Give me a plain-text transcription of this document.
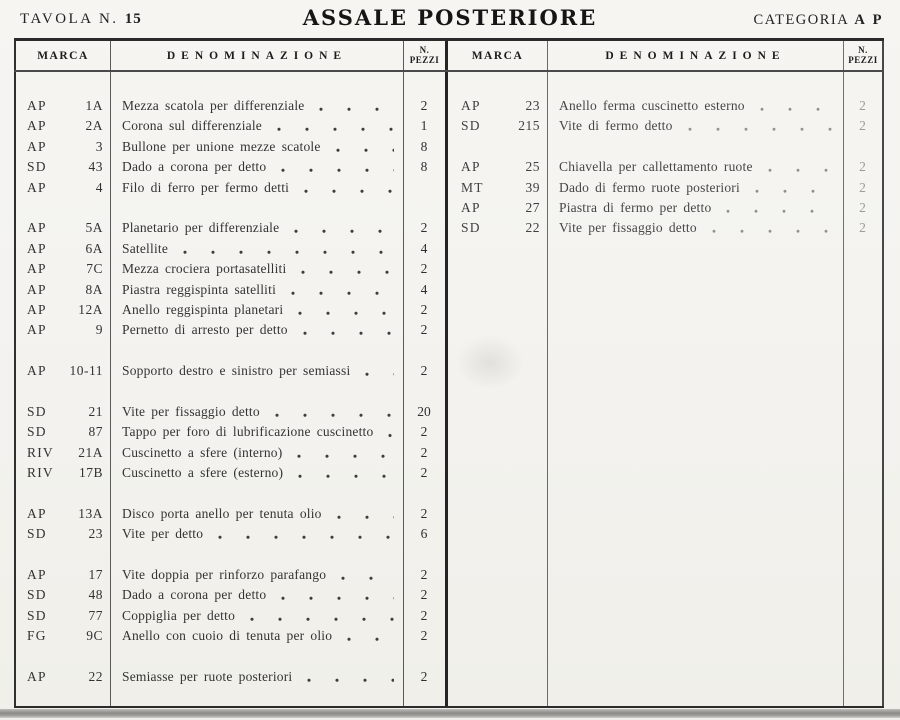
TAVOLA N. 15	ASSALE POSTERIORE	CATEGORIA A P
MARCA	DENOMINAZIONE	N.
PEZZI	MARCA	DENOMINAZIONE	N.
PEZZI
AP	1A Mezza scatola per differenziale	2
AP	2A Corona sul differenziale	1
AP	3 Bullone per unione mezze scatole	8
SD	43 Dado a corona per detto	8
AP	4 Filo di ferro per fermo detti
AP	5A Planetario per differenziale	2
AP	6A Satellite	4
AP	7C Mezza crociera portasatelliti	2
AP	8A Piastra reggispinta satelliti	4
AP 12A Anello reggispinta planetari	2
AP	9 Pernetto di arresto per detto	2
AP 10-11 Sopporto destro e sinistro per semiassi	2
SD	21 Vite per fissaggio detto	20
SD	87 Tappo per foro di lubrificazione cuscinetto	2
RIV 21A Cuscinetto a sfere (interno)	2
RIV 17B Cuscinetto a sfere (esterno)	2
AP 13A Disco porta anello per tenuta olio	2
SD	23 Vite per detto	6
AP	17 Vite doppia per rinforzo parafango	2
SD	48 Dado a corona per detto	2
SD	77 Coppiglia per detto	2
FG	9C Anello con cuoio di tenuta per olio	2
AP	22 Semiasse per ruote posteriori	2
AP	23 Anello ferma cuscinetto esterno	2
SD	215 Vite di fermo detto	2
AP	25 Chiavella per callettamento ruote	2
MT	39 Dado di fermo ruote posteriori	2
AP	27 Piastra di fermo per detto	2
SD	22 Vite per fissaggio detto	2
